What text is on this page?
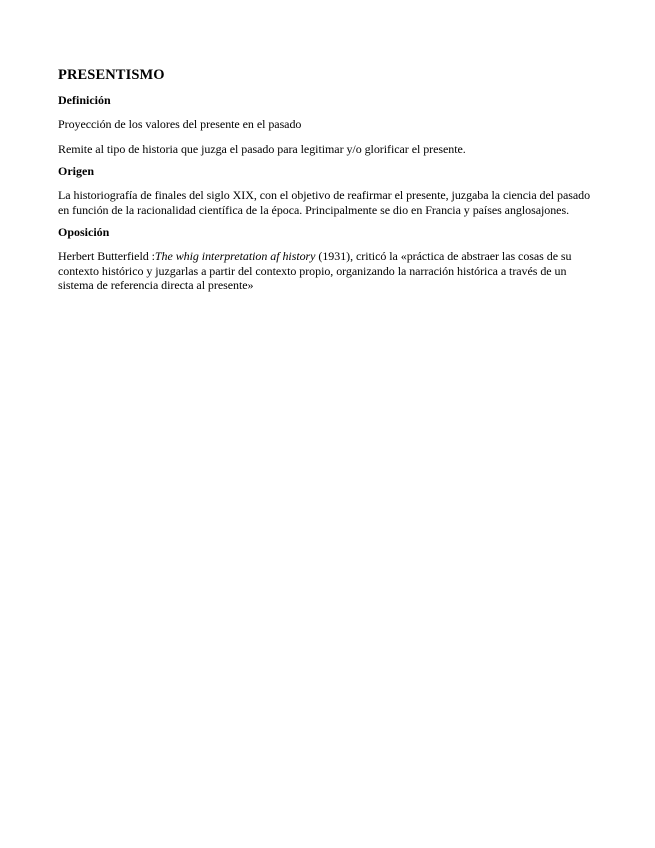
PRESENTISMO
Definición

Proyección de los valores del presente en el pasado

Remite al tipo de historia que juzga el pasado para legitimar y/o glorificar el presente.

Origen

La historiografía de finales del siglo XIX, con el objetivo de reafirmar el presente, juzgaba la ciencia del pasado en función de la racionalidad científica de la época. Principalmente se dio en Francia y países anglosajones.

Oposición

Herbert Butterfield :The whig interpretation af history (1931), criticó la «práctica de abstraer las cosas de su contexto histórico y juzgarlas a partir del contexto propio, organizando la narración histórica a través de un sistema de referencia directa al presente»
